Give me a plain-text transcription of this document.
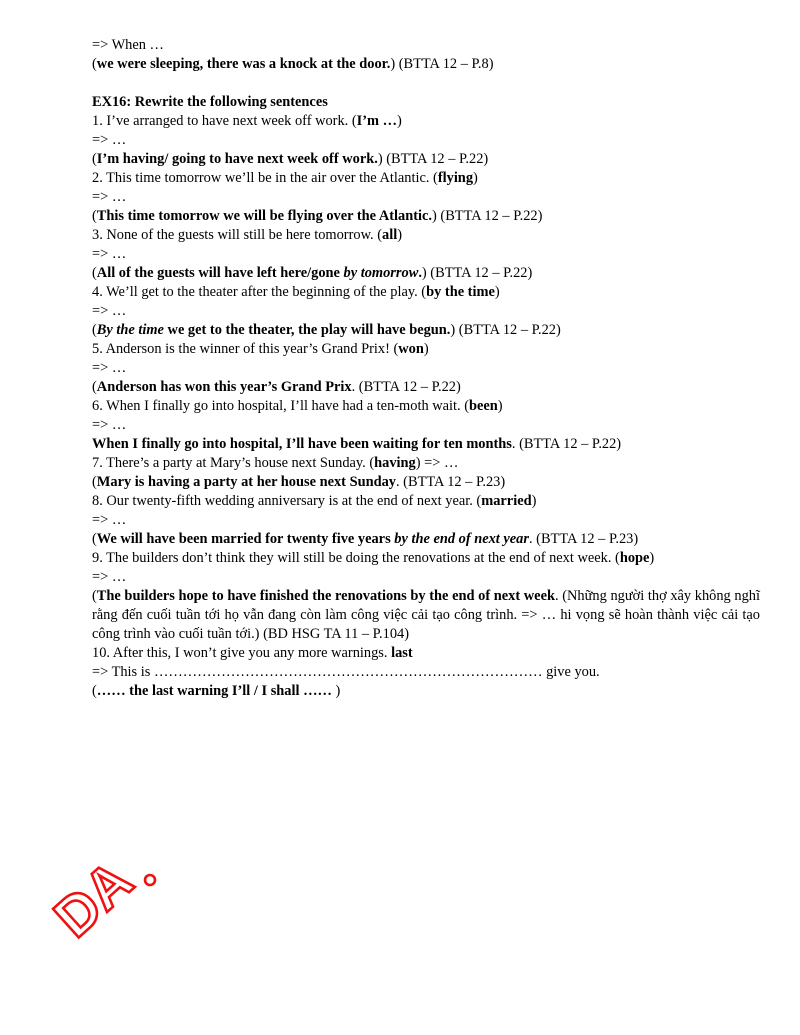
=> When …
(we were sleeping, there was a knock at the door.) (BTTA 12 – P.8)
EX16: Rewrite the following sentences
1. I’ve arranged to have next week off work. (I’m …)
=> …
(I’m having/ going to have next week off work.) (BTTA 12 – P.22)
2. This time tomorrow we’ll be in the air over the Atlantic. (flying)
=> …
(This time tomorrow we will be flying over the Atlantic.) (BTTA 12 – P.22)
3. None of the guests will still be here tomorrow. (all)
=> …
(All of the guests will have left here/gone by tomorrow.) (BTTA 12 – P.22)
4. We’ll get to the theater after the beginning of the play. (by the time)
=> …
(By the time we get to the theater, the play will have begun.) (BTTA 12 – P.22)
5. Anderson is the winner of this year’s Grand Prix! (won)
=> …
(Anderson has won this year’s Grand Prix. (BTTA 12 – P.22)
6. When I finally go into hospital, I’ll have had a ten-moth wait. (been)
=> …
When I finally go into hospital, I’ll have been waiting for ten months. (BTTA 12 – P.22)
7. There’s a party at Mary’s house next Sunday. (having) => …
(Mary is having a party at her house next Sunday. (BTTA 12 – P.23)
8. Our twenty-fifth wedding anniversary is at the end of next year. (married)
=> …
(We will have been married for twenty five years by the end of next year. (BTTA 12 – P.23)
9. The builders don’t think they will still be doing the renovations at the end of next week. (hope)
=> …
(The builders hope to have finished the renovations by the end of next week. (Những người thợ xây không nghĩ rằng đến cuối tuần tới họ vẫn đang còn làm công việc cải tạo công trình. => … hi vọng sẽ hoàn thành việc cải tạo công trình vào cuối tuần tới.) (BD HSG TA 11 – P.104)
10. After this, I won’t give you any more warnings. last
=> This is ……………………………………………………………………… give you.
(…… the last warning I’ll / I shall …… )
DA
